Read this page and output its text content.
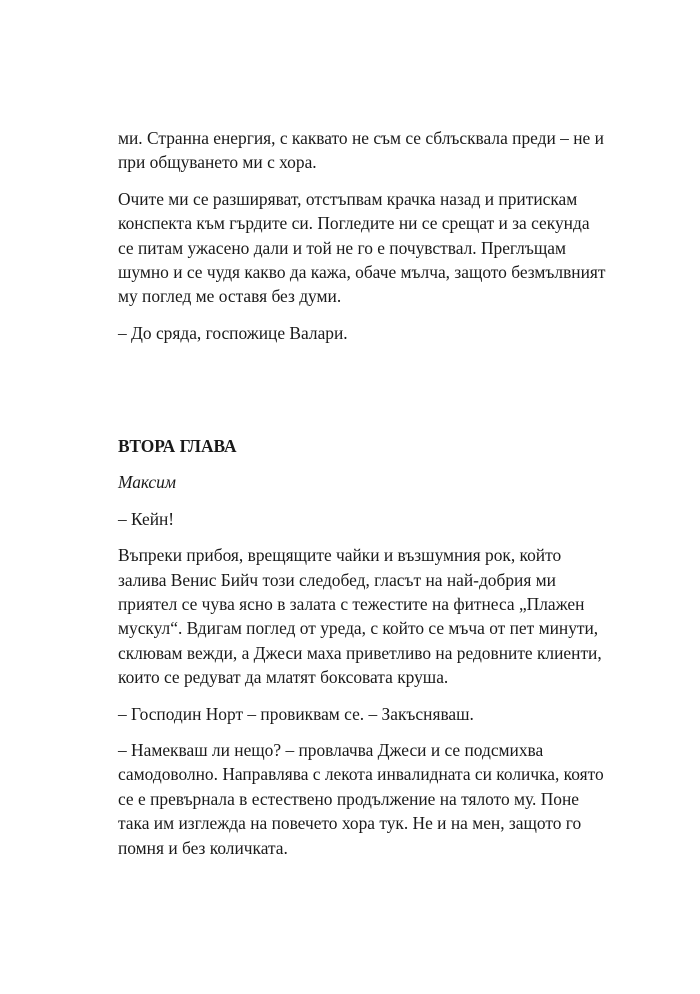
ми. Странна енергия, с каквато не съм се сблъсквала преди – не и при общуването ми с хора.

Очите ми се разширяват, отстъпвам крачка назад и притискам конспекта към гърдите си. Погледите ни се срещат и за секунда се питам ужасено дали и той не го е почувствал. Преглъщам шумно и се чудя какво да кажа, обаче мълча, защото безмълвният му поглед ме оставя без думи.

– До сряда, госпожице Валари.

ВТОРА ГЛАВА

Максим

– Кейн!

Въпреки прибоя, врещящите чайки и възшумния рок, който залива Венис Бийч този следобед, гласът на най-добрия ми приятел се чува ясно в залата с тежестите на фитнеса „Плажен мускул“. Вдигам поглед от уреда, с който се мъча от пет минути, склювам вежди, а Джеси маха приветливо на редовните клиенти, които се редуват да млатят боксовата круша.

– Господин Норт – провиквам се. – Закъсняваш.

– Намекваш ли нещо? – провлачва Джеси и се подсмихва самодоволно. Направлява с лекота инвалидната си количка, която се е превърнала в естествено продължение на тялото му. Поне така им изглежда на повечето хора тук. Не и на мен, защото го помня и без количката.
